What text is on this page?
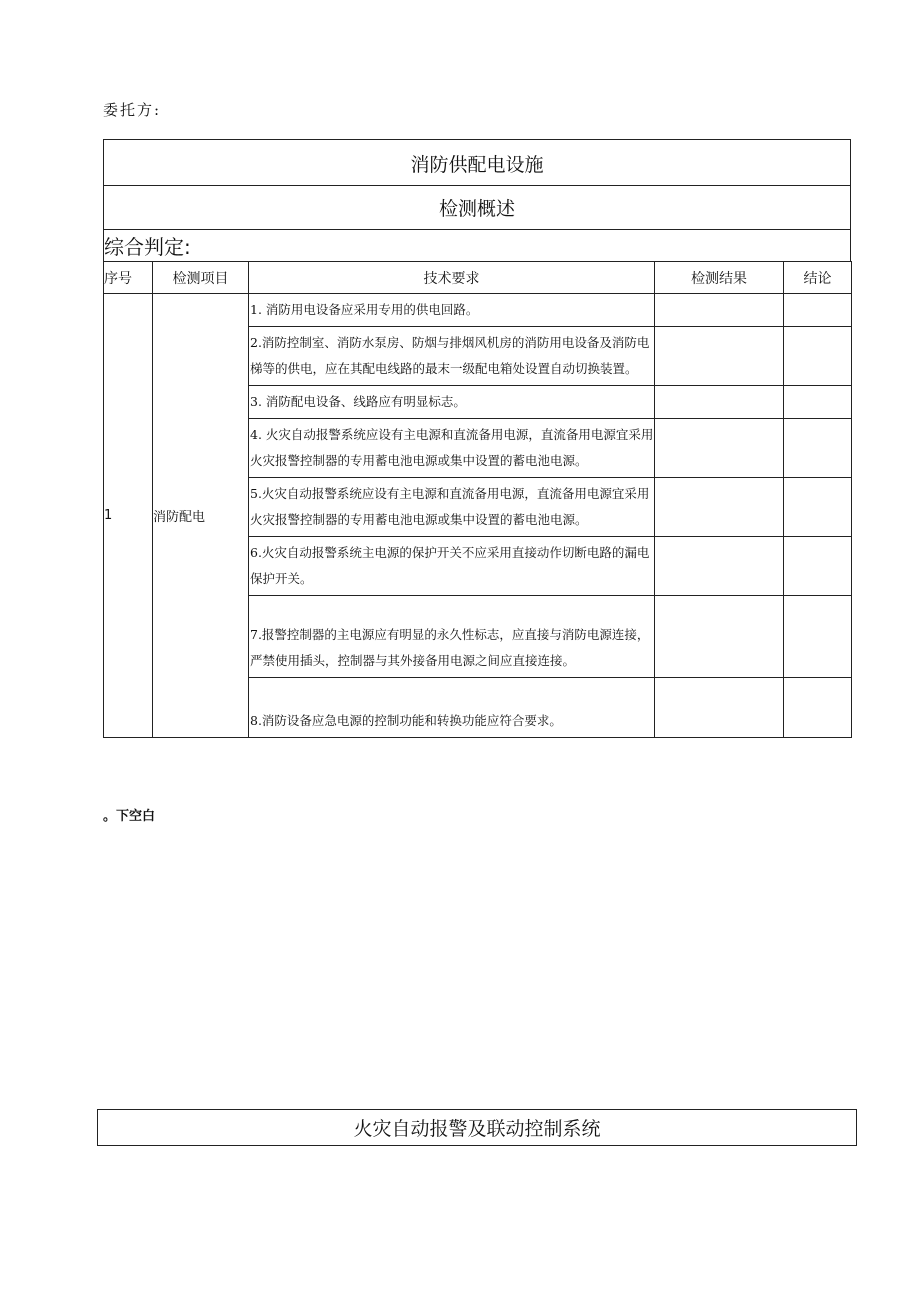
委托方:
消防供配电设施
检测概述
综合判定:
序号	检测项目	技术要求	检测结果	结论
1	消防配电	1. 消防用电设备应采用专用的供电回路。		
		2.消防控制室、消防水泵房、防烟与排烟风机房的消防用电设备及消防电梯等的供电，应在其配电线路的最末一级配电箱处设置自动切换装置。		
		3. 消防配电设备、线路应有明显标志。		
		4. 火灾自动报警系统应设有主电源和直流备用电源，直流备用电源宜采用火灾报警控制器的专用蓄电池电源或集中设置的蓄电池电源。		
		5.火灾自动报警系统应设有主电源和直流备用电源，直流备用电源宜采用火灾报警控制器的专用蓄电池电源或集中设置的蓄电池电源。		
		6.火灾自动报警系统主电源的保护开关不应采用直接动作切断电路的漏电保护开关。		
		7.报警控制器的主电源应有明显的永久性标志，应直接与消防电源连接，严禁使用插头，控制器与其外接备用电源之间应直接连接。		
		8.消防设备应急电源的控制功能和转换功能应符合要求。		
。下空白
火灾自动报警及联动控制系统
